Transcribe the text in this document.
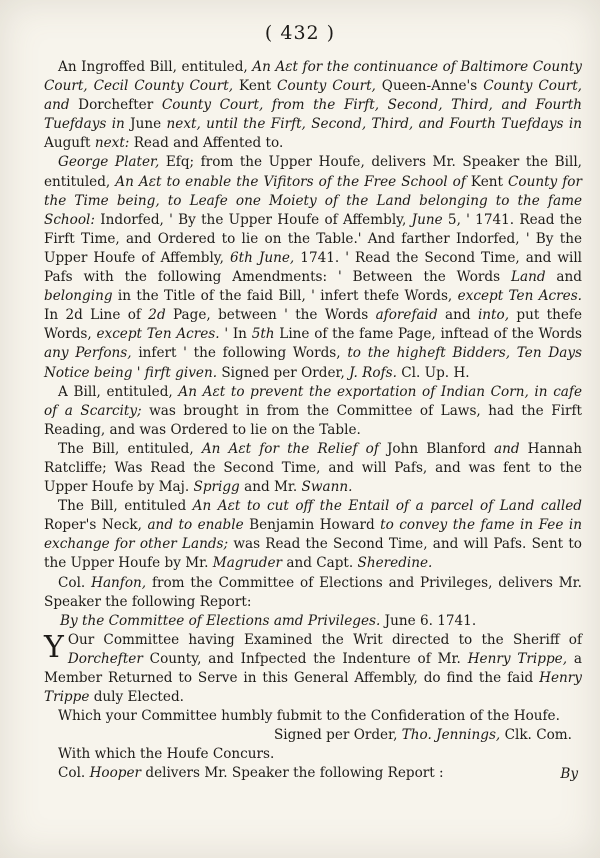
( 432 )

An Ingroffed Bill, entituled, An Aɛt for the continuance of Baltimore County Court, Cecil County Court, Kent County Court, Queen-Anne's County Court, and Dorchefter County Court, from the Firft, Second, Third, and Fourth Tuefdays in June next, until the Firft, Second, Third, and Fourth Tuefdays in Auguft next: Read and Affented to.

George Plater, Efq; from the Upper Houfe, delivers Mr. Speaker the Bill, entituled, An Aɛt to enable the Vifitors of the Free School of Kent County for the Time being, to Leafe one Moiety of the Land belonging to the fame School: Indorfed, ' By the Upper Houfe of Affembly, June 5, ' 1741. Read the Firft Time, and Ordered to lie on the Table.' And farther Indorfed, ' By the Upper Houfe of Affembly, 6th June, 1741. ' Read the Second Time, and will Pafs with the following Amendments: ' Between the Words Land and belonging in the Title of the faid Bill, ' infert thefe Words, except Ten Acres. In 2d Line of 2d Page, between ' the Words aforefaid and into, put thefe Words, except Ten Acres. ' In 5th Line of the fame Page, inftead of the Words any Perfons, infert ' the following Words, to the higheft Bidders, Ten Days Notice being ' firft given. Signed per Order, J. Rofs. Cl. Up. H.

A Bill, entituled, An Aɛt to prevent the exportation of Indian Corn, in cafe of a Scarcity; was brought in from the Committee of Laws, had the Firft Reading, and was Ordered to lie on the Table.

The Bill, entituled, An Aɛt for the Relief of John Blanford and Hannah Ratcliffe; Was Read the Second Time, and will Pafs, and was fent to the Upper Houfe by Maj. Sprigg and Mr. Swann.

The Bill, entituled An Aɛt to cut off the Entail of a parcel of Land called Roper's Neck, and to enable Benjamin Howard to convey the fame in Fee in exchange for other Lands; was Read the Second Time, and will Pafs. Sent to the Upper Houfe by Mr. Magruder and Capt. Sheredine.

Col. Hanfon, from the Committee of Elections and Privileges, delivers Mr. Speaker the following Report:

By the Committee of Eleɛtions amd Privileges. June 6. 1741.

Y Our Committee having Examined the Writ directed to the Sheriff of Dorchefter County, and Infpected the Indenture of Mr. Henry Trippe, a Member Returned to Serve in this General Affembly, do find the faid Henry Trippe duly Elected.

Which your Committee humbly fubmit to the Confideration of the Houfe.

Signed per Order, Tho. Jennings, Clk. Com.

With which the Houfe Concurs.

Col. Hooper delivers Mr. Speaker the following Report :	By
